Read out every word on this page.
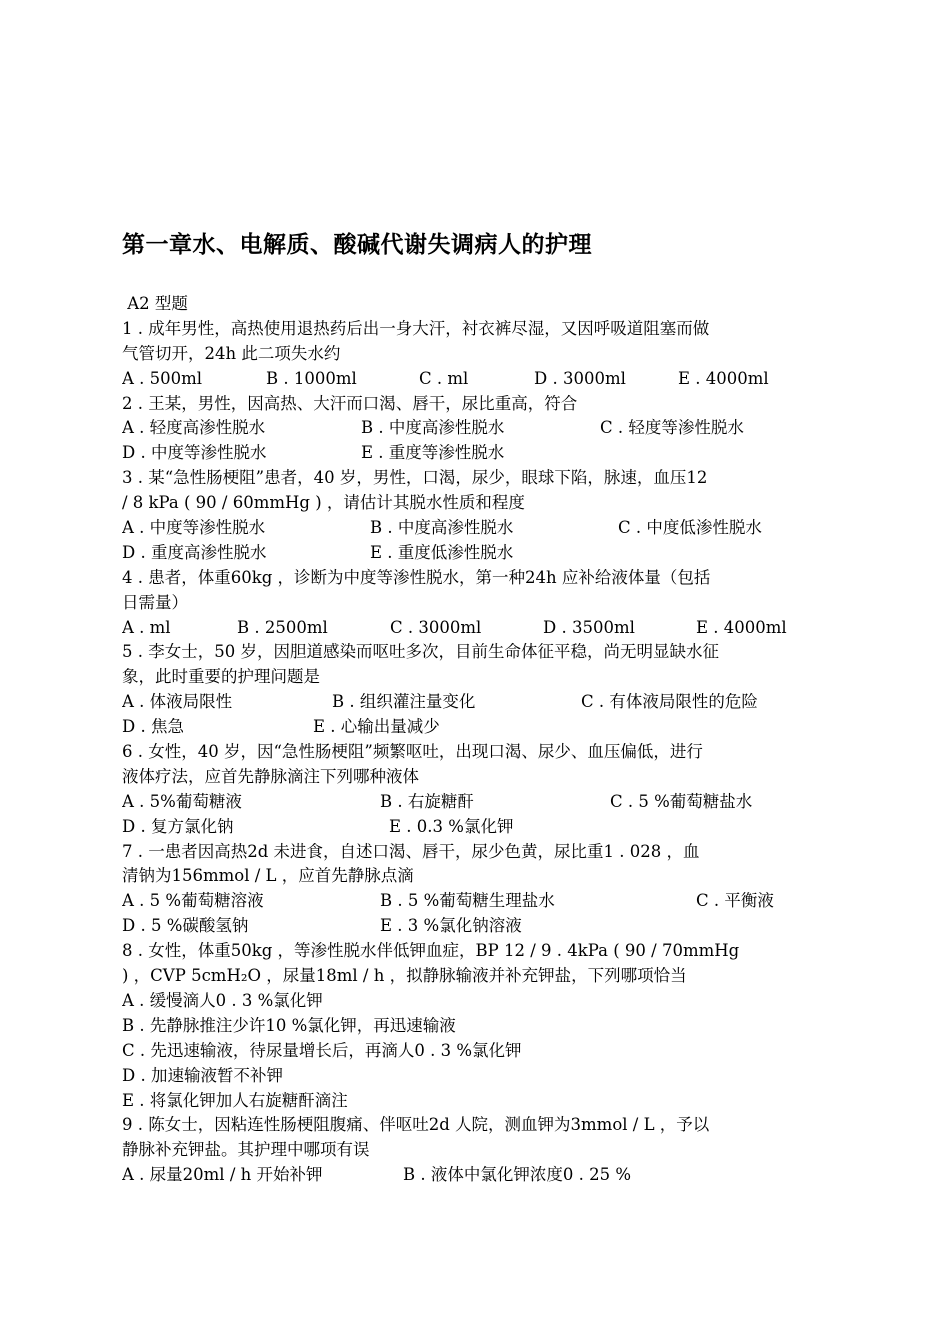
第一章水、电解质、酸碱代谢失调病人的护理
A2 型题
1 . 成年男性，高热使用退热药后出一身大汗，衬衣裤尽湿，又因呼吸道阻塞而做
气管切开，24h 此二项失水约
A . 500ml	B . 1000ml	C . ml	D . 3000ml	E . 4000ml
2 . 王某，男性，因高热、大汗而口渴、唇干，尿比重高，符合
A . 轻度高渗性脱水	B . 中度高渗性脱水	C . 轻度等渗性脱水
D . 中度等渗性脱水	E . 重度等渗性脱水
3 . 某“急性肠梗阻”患者，40 岁，男性，口渴，尿少，眼球下陷，脉速，血压12
/ 8 kPa ( 90 / 60mmHg ) ，请估计其脱水性质和程度
A . 中度等渗性脱水	B . 中度高渗性脱水	C . 中度低渗性脱水
D . 重度高渗性脱水	E . 重度低渗性脱水
4 . 患者，体重60kg ，诊断为中度等渗性脱水，第一种24h 应补给液体量（包括
日需量）
A . ml	B . 2500ml	C . 3000ml	D . 3500ml	E . 4000ml
5 . 李女士，50 岁，因胆道感染而呕吐多次，目前生命体征平稳，尚无明显缺水征
象，此时重要的护理问题是
A . 体液局限性	B . 组织灌注量变化	C . 有体液局限性的危险
D . 焦急	E . 心输出量减少
6 . 女性，40 岁，因“急性肠梗阻”频繁呕吐，出现口渴、尿少、血压偏低，进行
液体疗法，应首先静脉滴注下列哪种液体
A . 5%葡萄糖液	B . 右旋糖酐	C . 5 %葡萄糖盐水
D . 复方氯化钠	E . 0.3 %氯化钾
7 . 一患者因高热2d 未进食，自述口渴、唇干，尿少色黄，尿比重1 . 028 ，血
清钠为156mmol / L ，应首先静脉点滴
A . 5 %葡萄糖溶液	B . 5 %葡萄糖生理盐水	C . 平衡液
D . 5 %碳酸氢钠	E . 3 %氯化钠溶液
8 . 女性，体重50kg ，等渗性脱水伴低钾血症，BP 12 / 9 . 4kPa ( 90 / 70mmHg
) ，CVP 5cmH₂O ，尿量18ml / h ，拟静脉输液并补充钾盐，下列哪项恰当
A . 缓慢滴人0 . 3 %氯化钾
B . 先静脉推注少许10 %氯化钾，再迅速输液
C . 先迅速输液，待尿量增长后，再滴人0 . 3 %氯化钾
D . 加速输液暂不补钾
E . 将氯化钾加人右旋糖酐滴注
9 . 陈女士，因粘连性肠梗阻腹痛、伴呕吐2d 人院，测血钾为3mmol / L ，予以
静脉补充钾盐。其护理中哪项有误
A . 尿量20ml / h 开始补钾	B . 液体中氯化钾浓度0 . 25 %
